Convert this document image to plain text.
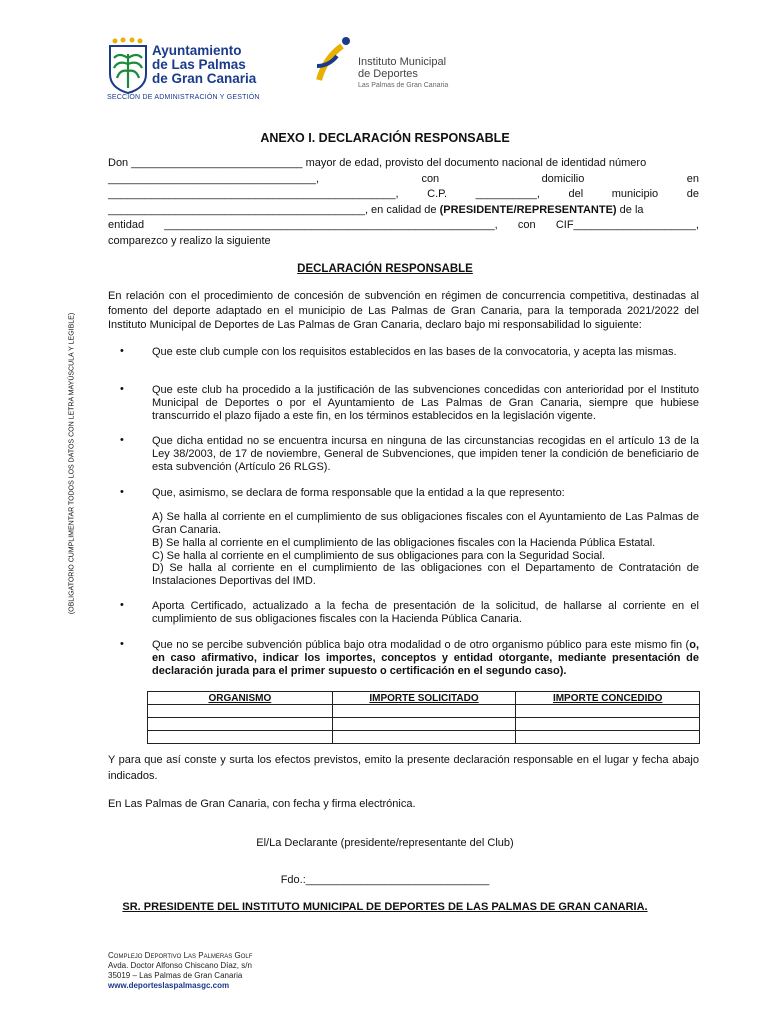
Ayuntamiento
de Las Palmas
de Gran Canaria
Instituto Municipal
de Deportes
Las Palmas de Gran Canaria
SECCIÓN DE ADMINISTRACIÓN Y GESTIÓN
(OBLIGATORIO CUMPLIMENTAR TODOS LOS DATOS CON LETRA MAYÚSCULA Y LEGIBLE)
ANEXO I. DECLARACIÓN RESPONSABLE
Don ____________________________ mayor de edad, provisto del documento nacional de identidad número
__________________________________,	con	domicilio	en
_______________________________________________,	C.P.	__________,	del	municipio	de
__________________________________________, en calidad de (PRESIDENTE/REPRESENTANTE) de la
entidad ______________________________________________________, con CIF____________________,
comparezco y realizo la siguiente
DECLARACIÓN RESPONSABLE
En relación con el procedimiento de concesión de subvención en régimen de concurrencia competitiva, destinadas al fomento del deporte adaptado en el municipio de Las Palmas de Gran Canaria, para la temporada 2021/2022 del Instituto Municipal de Deportes de Las Palmas de Gran Canaria, declaro bajo mi responsabilidad lo siguiente:
•	Que este club cumple con los requisitos establecidos en las bases de la convocatoria, y acepta las mismas.
•	Que este club ha procedido a la justificación de las subvenciones concedidas con anterioridad por el Instituto Municipal de Deportes o por el Ayuntamiento de Las Palmas de Gran Canaria, siempre que hubiese transcurrido el plazo fijado a este fin, en los términos establecidos en la legislación vigente.
•	Que dicha entidad no se encuentra incursa en ninguna de las circunstancias recogidas en el artículo 13 de la Ley 38/2003, de 17 de noviembre, General de Subvenciones, que impiden tener la condición de beneficiario de esta subvención (Artículo 26 RLGS).
•	Que, asimismo, se declara de forma responsable que la entidad a la que represento:
A) Se halla al corriente en el cumplimiento de sus obligaciones fiscales con el Ayuntamiento de Las Palmas de Gran Canaria.
B) Se halla al corriente en el cumplimiento de las obligaciones fiscales con la Hacienda Pública Estatal.
C) Se halla al corriente en el cumplimiento de sus obligaciones para con la Seguridad Social.
D) Se halla al corriente en el cumplimiento de las obligaciones con el Departamento de Contratación de Instalaciones Deportivas del IMD.
•	Aporta Certificado, actualizado a la fecha de presentación de la solicitud, de hallarse al corriente en el cumplimiento de sus obligaciones fiscales con la Hacienda Pública Canaria.
•	Que no se percibe subvención pública bajo otra modalidad o de otro organismo público para este mismo fin (o, en caso afirmativo, indicar los importes, conceptos y entidad otorgante, mediante presentación de declaración jurada para el primer supuesto o certificación en el segundo caso).
ORGANISMO	IMPORTE SOLICITADO	IMPORTE CONCEDIDO

Y para que así conste y surta los efectos previstos, emito la presente declaración responsable en el lugar y fecha abajo indicados.
En Las Palmas de Gran Canaria, con fecha y firma electrónica.
El/La Declarante (presidente/representante del Club)
Fdo.:______________________________
SR. PRESIDENTE DEL INSTITUTO MUNICIPAL DE DEPORTES DE LAS PALMAS DE GRAN CANARIA.
Complejo Deportivo Las Palmeras Golf
Avda. Doctor Alfonso Chiscano Díaz, s/n
35019 – Las Palmas de Gran Canaria
www.deporteslaspalmasgc.com
